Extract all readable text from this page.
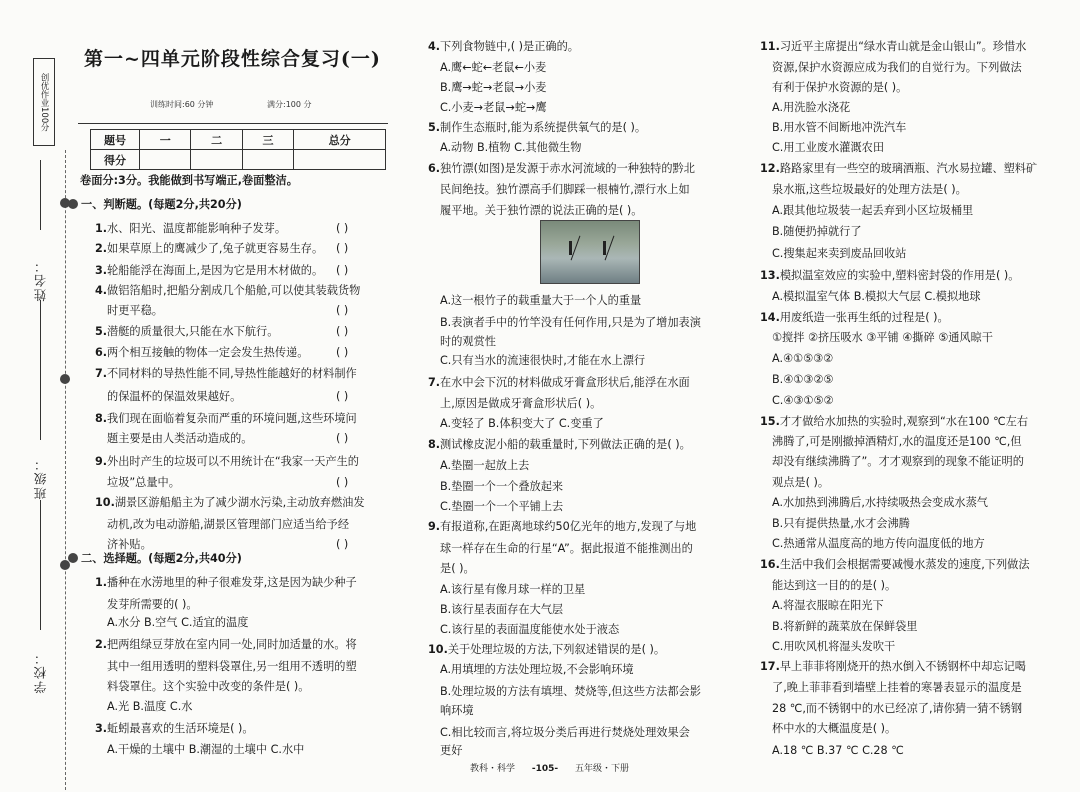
创优作业100分
姓名：
班级：
学校：
第一~四单元阶段性综合复习(一)
训练时间:60 分钟	满分:100 分
题号	一	二	三	总分
得分				
卷面分:3分。我能做到书写端正,卷面整洁。
一、判断题。(每题2分,共20分)
1.水、阳光、温度都能影响种子发芽。	( )
2.如果草原上的鹰减少了,兔子就更容易生存。 ( )
3.轮船能浮在海面上,是因为它是用木材做的。 ( )
4.做铝箔船时,把船分割成几个船舱,可以使其装载货物
时更平稳。	( )
5.潜艇的质量很大,只能在水下航行。	( )
6.两个相互接触的物体一定会发生热传递。 ( )
7.不同材料的导热性能不同,导热性能越好的材料制作
的保温杯的保温效果越好。	( )
8.我们现在面临着复杂而严重的环境问题,这些环境问
题主要是由人类活动造成的。	( )
9.外出时产生的垃圾可以不用统计在“我家一天产生的
垃圾”总量中。	( )
10.湖景区游船船主为了减少湖水污染,主动放弃燃油发
动机,改为电动游船,湖景区管理部门应适当给予经
济补贴。	( )
二、选择题。(每题2分,共40分)
1.播种在水涝地里的种子很难发芽,这是因为缺少种子
发芽所需要的( )。
A.水分 B.空气 C.适宜的温度
2.把两组绿豆芽放在室内同一处,同时加适量的水。将
其中一组用透明的塑料袋罩住,另一组用不透明的塑
料袋罩住。这个实验中改变的条件是( )。
A.光 B.温度 C.水
3.蚯蚓最喜欢的生活环境是( )。
A.干燥的土壤中 B.潮湿的土壤中 C.水中
4.下列食物链中,( )是正确的。
A.鹰←蛇←老鼠←小麦
B.鹰→蛇→老鼠→小麦
C.小麦→老鼠→蛇→鹰
5.制作生态瓶时,能为系统提供氧气的是( )。
A.动物 B.植物 C.其他微生物
6.独竹漂(如图)是发源于赤水河流域的一种独特的黔北
民间绝技。独竹漂高手们脚踩一根楠竹,漂行水上如
履平地。关于独竹漂的说法正确的是( )。
A.这一根竹子的载重量大于一个人的重量
B.表演者手中的竹竿没有任何作用,只是为了增加表演
时的观赏性
C.只有当水的流速很快时,才能在水上漂行
7.在水中会下沉的材料做成牙膏盒形状后,能浮在水面
上,原因是做成牙膏盒形状后( )。
A.变轻了 B.体积变大了 C.变重了
8.测试橡皮泥小船的载重量时,下列做法正确的是( )。
A.垫圈一起放上去
B.垫圈一个一个叠放起来
C.垫圈一个一个平铺上去
9.有报道称,在距离地球约50亿光年的地方,发现了与地
球一样存在生命的行星“A”。据此报道不能推测出的
是( )。
A.该行星有像月球一样的卫星
B.该行星表面存在大气层
C.该行星的表面温度能使水处于液态
10.关于处理垃圾的方法,下列叙述错误的是( )。
A.用填埋的方法处理垃圾,不会影响环境
B.处理垃圾的方法有填埋、焚烧等,但这些方法都会影
响环境
C.相比较而言,将垃圾分类后再进行焚烧处理效果会
更好
11.习近平主席提出“绿水青山就是金山银山”。珍惜水
资源,保护水资源应成为我们的自觉行为。下列做法
有利于保护水资源的是( )。
A.用洗脸水浇花
B.用水管不间断地冲洗汽车
C.用工业废水灌溉农田
12.路路家里有一些空的玻璃酒瓶、汽水易拉罐、塑料矿
泉水瓶,这些垃圾最好的处理方法是( )。
A.跟其他垃圾装一起丢弃到小区垃圾桶里
B.随便扔掉就行了
C.搜集起来卖到废品回收站
13.模拟温室效应的实验中,塑料密封袋的作用是( )。
A.模拟温室气体 B.模拟大气层 C.模拟地球
14.用废纸造一张再生纸的过程是( )。
①搅拌 ②挤压吸水 ③平铺 ④撕碎 ⑤通风晾干
A.④①⑤③②
B.④①③②⑤
C.④③①⑤②
15.才才做给水加热的实验时,观察到“水在100 ℃左右
沸腾了,可是刚撤掉酒精灯,水的温度还是100 ℃,但
却没有继续沸腾了”。才才观察到的现象不能证明的
观点是( )。
A.水加热到沸腾后,水持续吸热会变成水蒸气
B.只有提供热量,水才会沸腾
C.热通常从温度高的地方传向温度低的地方
16.生活中我们会根据需要减慢水蒸发的速度,下列做法
能达到这一目的的是( )。
A.将湿衣服晾在阳光下
B.将新鲜的蔬菜放在保鲜袋里
C.用吹风机将湿头发吹干
17.早上菲菲将刚烧开的热水倒入不锈钢杯中却忘记喝
了,晚上菲菲看到墙壁上挂着的寒暑表显示的温度是
28 ℃,而不锈钢中的水已经凉了,请你猜一猜不锈钢
杯中水的大概温度是( )。
A.18 ℃ B.37 ℃ C.28 ℃
教科・科学 -105- 五年级・下册
